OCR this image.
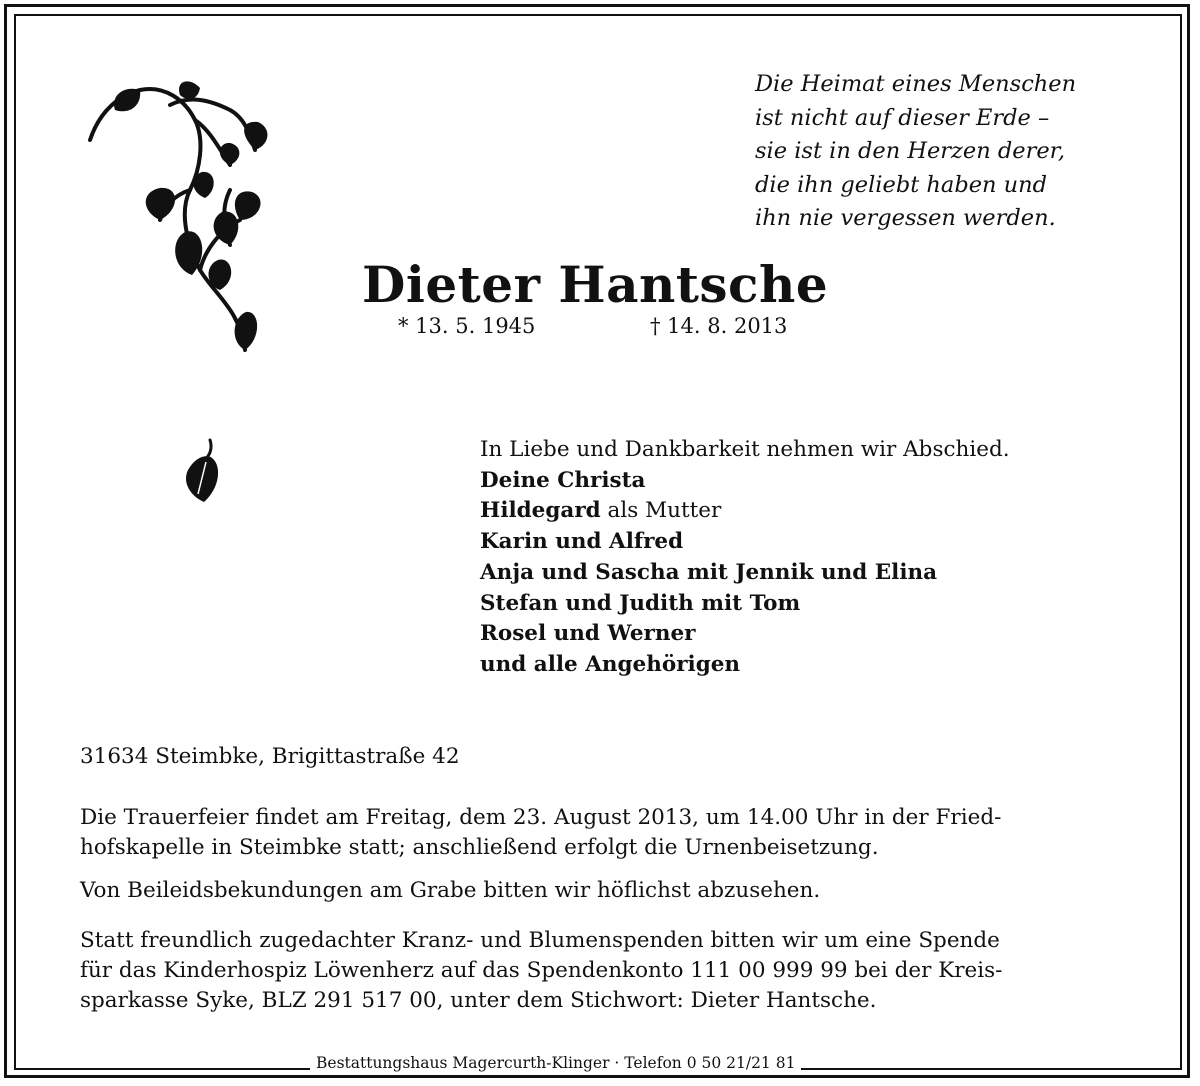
Die Heimat eines Menschen
ist nicht auf dieser Erde –
sie ist in den Herzen derer,
die ihn geliebt haben und
ihn nie vergessen werden.
Dieter Hantsche
* 13. 5. 1945	† 14. 8. 2013
In Liebe und Dankbarkeit nehmen wir Abschied.
Deine Christa
Hildegard als Mutter
Karin und Alfred
Anja und Sascha mit Jennik und Elina
Stefan und Judith mit Tom
Rosel und Werner
und alle Angehörigen
31634 Steimbke, Brigittastraße 42
Die Trauerfeier findet am Freitag, dem 23. August 2013, um 14.00 Uhr in der Fried-
hofskapelle in Steimbke statt; anschließend erfolgt die Urnenbeisetzung.
Von Beileidsbekundungen am Grabe bitten wir höflichst abzusehen.
Statt freundlich zugedachter Kranz- und Blumenspenden bitten wir um eine Spende
für das Kinderhospiz Löwenherz auf das Spendenkonto 111 00 999 99 bei der Kreis-
sparkasse Syke, BLZ 291 517 00, unter dem Stichwort: Dieter Hantsche.
Bestattungshaus Magercurth-Klinger · Telefon 0 50 21/21 81
